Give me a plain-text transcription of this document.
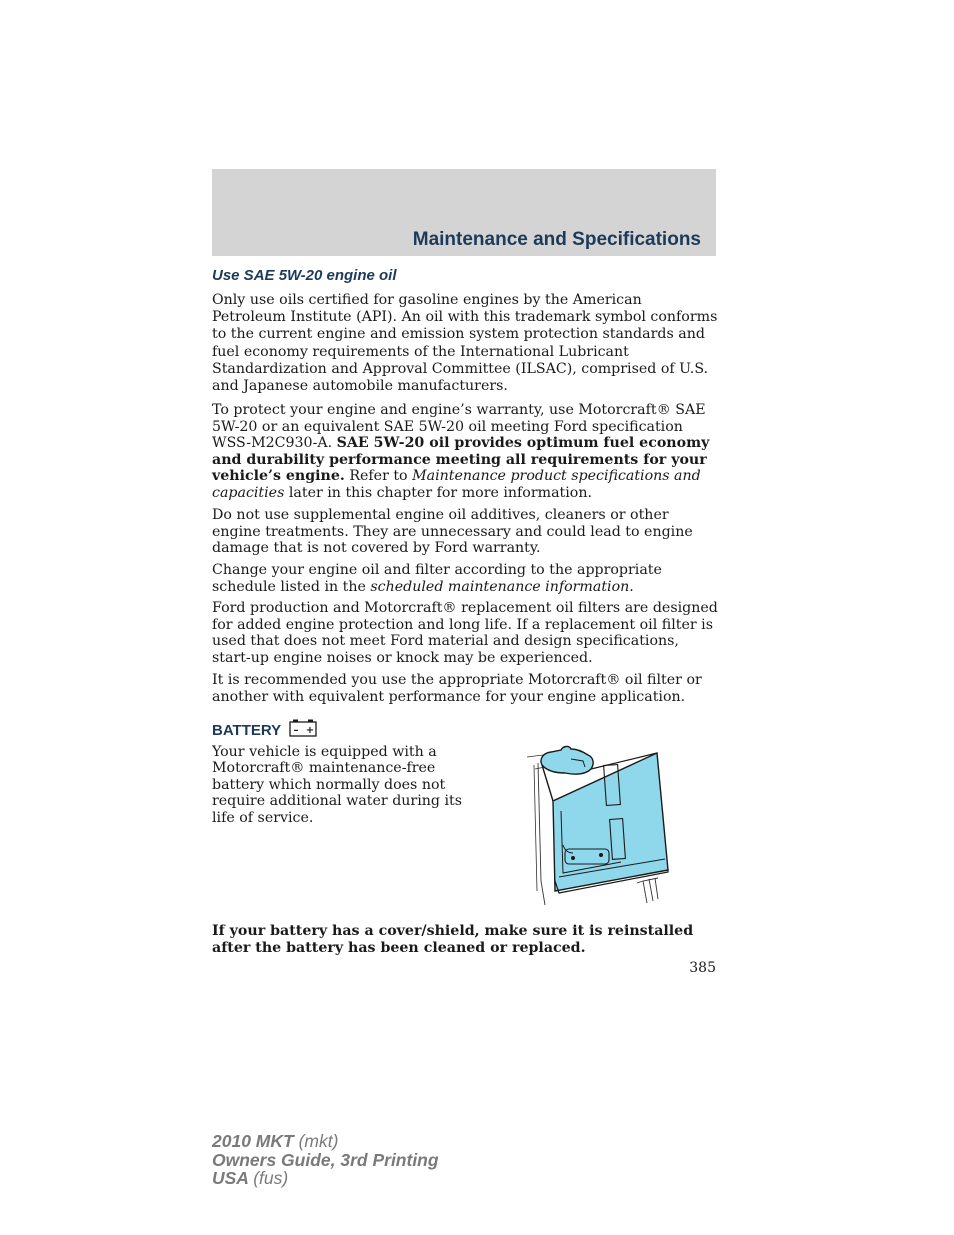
Maintenance and Specifications
Use SAE 5W-20 engine oil

Only use oils certified for gasoline engines by the American Petroleum Institute (API). An oil with this trademark symbol conforms to the current engine and emission system protection standards and fuel economy requirements of the International Lubricant Standardization and Approval Committee (ILSAC), comprised of U.S. and Japanese automobile manufacturers.

To protect your engine and engine’s warranty, use Motorcraft® SAE 5W-20 or an equivalent SAE 5W-20 oil meeting Ford specification WSS-M2C930-A. SAE 5W-20 oil provides optimum fuel economy and durability performance meeting all requirements for your vehicle’s engine. Refer to Maintenance product specifications and capacities later in this chapter for more information.

Do not use supplemental engine oil additives, cleaners or other engine treatments. They are unnecessary and could lead to engine damage that is not covered by Ford warranty.

Change your engine oil and filter according to the appropriate schedule listed in the scheduled maintenance information.

Ford production and Motorcraft® replacement oil filters are designed for added engine protection and long life. If a replacement oil filter is used that does not meet Ford material and design specifications, start-up engine noises or knock may be experienced.

It is recommended you use the appropriate Motorcraft® oil filter or another with equivalent performance for your engine application.

BATTERY – +

Your vehicle is equipped with a Motorcraft® maintenance-free battery which normally does not require additional water during its life of service.

If your battery has a cover/shield, make sure it is reinstalled after the battery has been cleaned or replaced.

385
2010 MKT (mkt)
Owners Guide, 3rd Printing
USA (fus)
